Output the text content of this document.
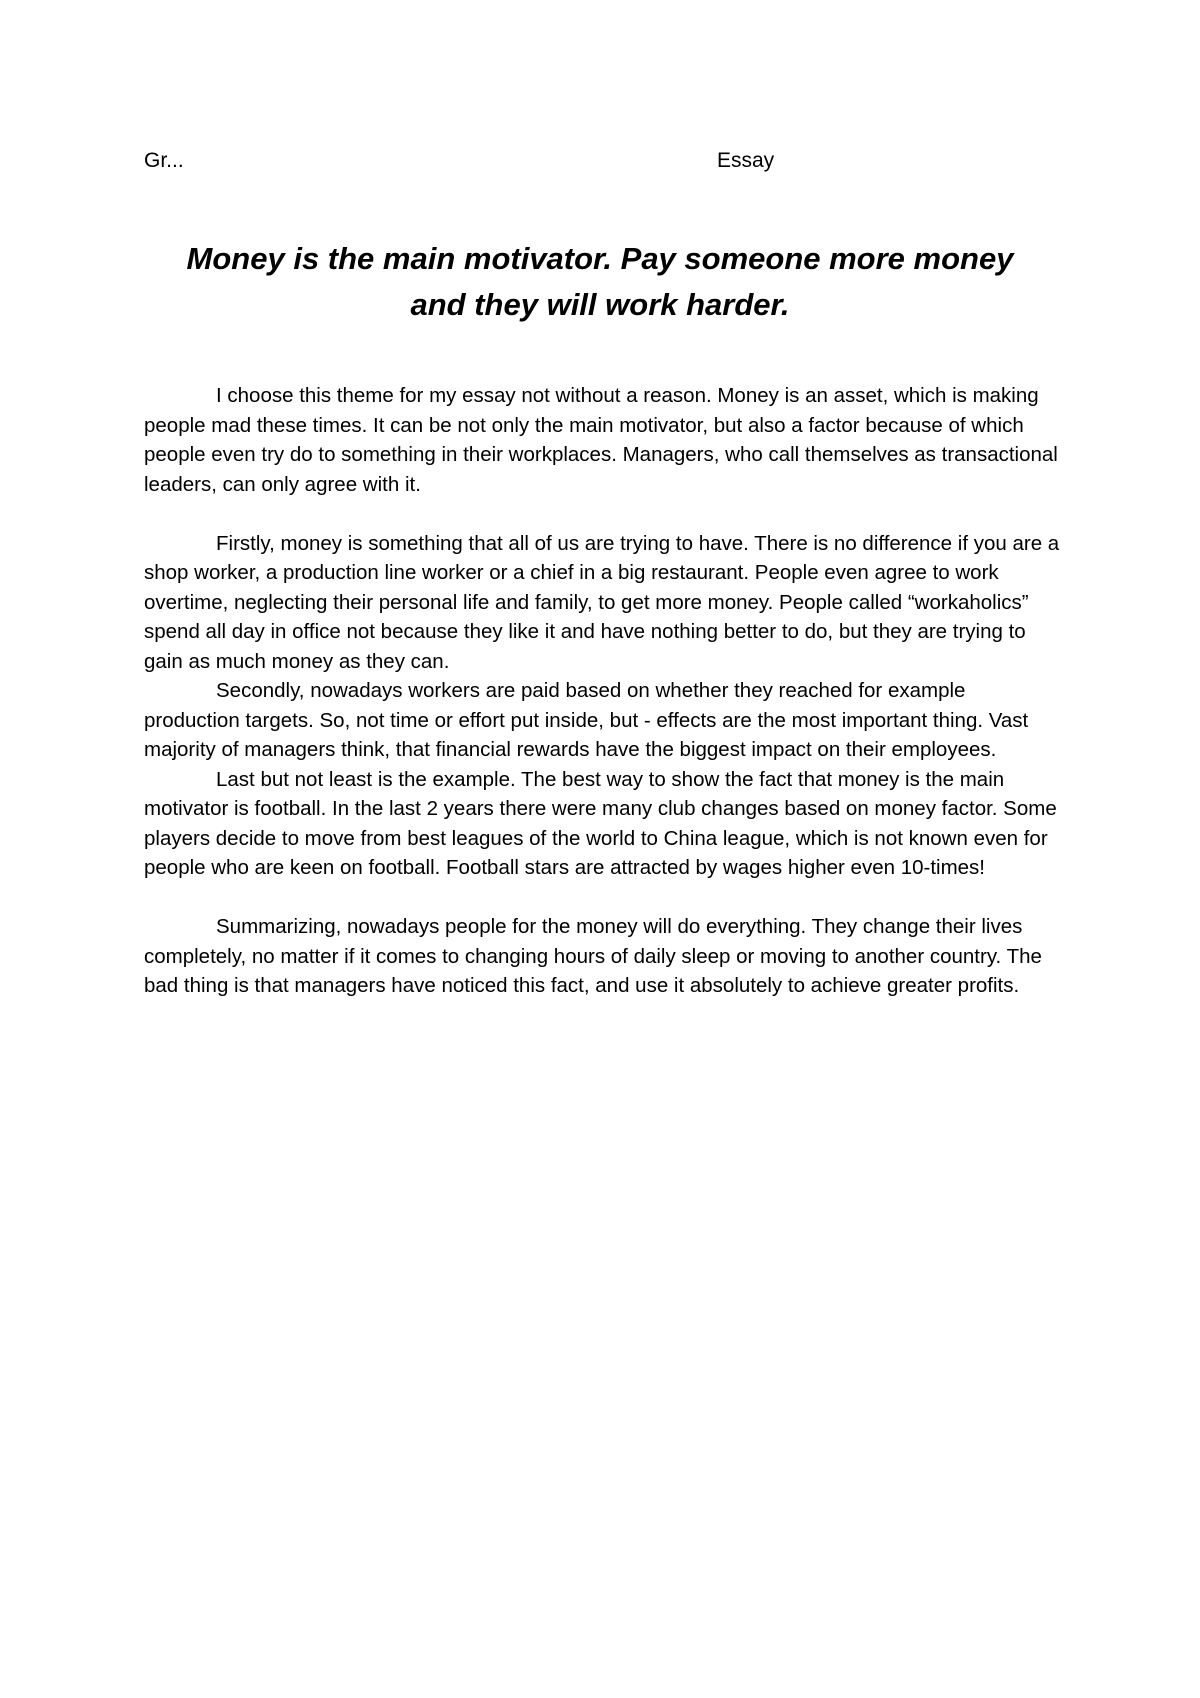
Gr...	Essay
Money is the main motivator. Pay someone more money
and they will work harder.

I choose this theme for my essay not without a reason. Money is an asset, which is making people mad these times. It can be not only the main motivator, but also a factor because of which people even try do to something in their workplaces. Managers, who call themselves as transactional leaders, can only agree with it.

Firstly, money is something that all of us are trying to have. There is no difference if you are a shop worker, a production line worker or a chief in a big restaurant. People even agree to work overtime, neglecting their personal life and family, to get more money. People called “workaholics” spend all day in office not because they like it and have nothing better to do, but they are trying to gain as much money as they can.

Secondly, nowadays workers are paid based on whether they reached for example production targets. So, not time or effort put inside, but - effects are the most important thing. Vast majority of managers think, that financial rewards have the biggest impact on their employees.

Last but not least is the example. The best way to show the fact that money is the main motivator is football. In the last 2 years there were many club changes based on money factor. Some players decide to move from best leagues of the world to China league, which is not known even for people who are keen on football. Football stars are attracted by wages higher even 10-times!

Summarizing, nowadays people for the money will do everything. They change their lives completely, no matter if it comes to changing hours of daily sleep or moving to another country. The bad thing is that managers have noticed this fact, and use it absolutely to achieve greater profits.
